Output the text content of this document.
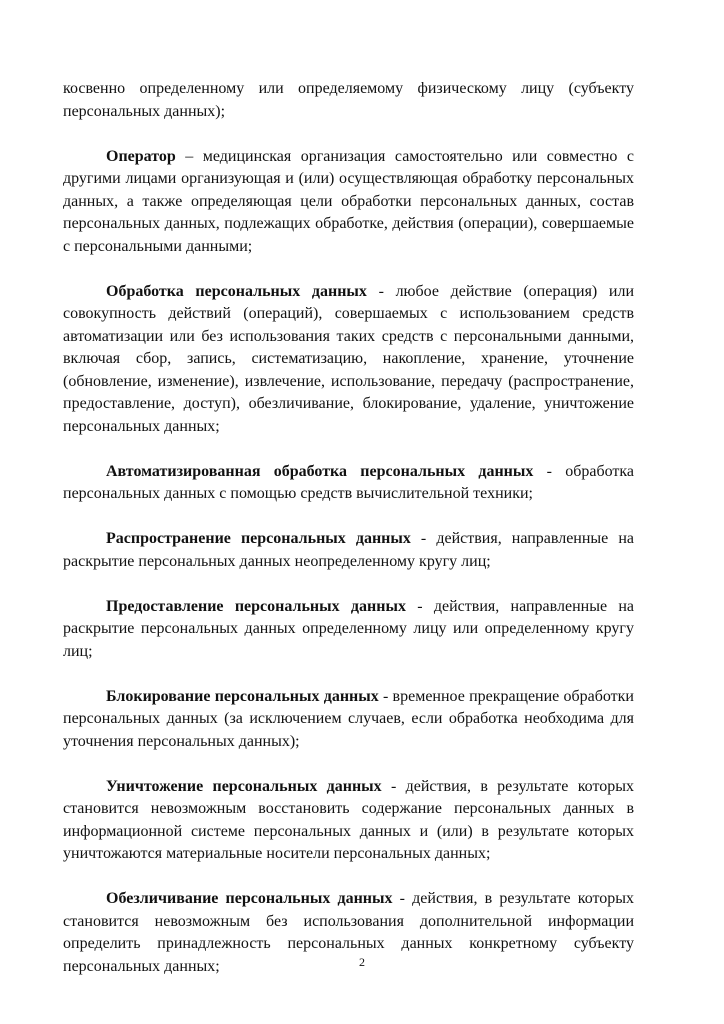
косвенно определенному или определяемому физическому лицу (субъекту персональных данных);

Оператор – медицинская организация самостоятельно или совместно с другими лицами организующая и (или) осуществляющая обработку персональных данных, а также определяющая цели обработки персональных данных, состав персональных данных, подлежащих обработке, действия (операции), совершаемые с персональными данными;

Обработка персональных данных - любое действие (операция) или совокупность действий (операций), совершаемых с использованием средств автоматизации или без использования таких средств с персональными данными, включая сбор, запись, систематизацию, накопление, хранение, уточнение (обновление, изменение), извлечение, использование, передачу (распространение, предоставление, доступ), обезличивание, блокирование, удаление, уничтожение персональных данных;

Автоматизированная обработка персональных данных - обработка персональных данных с помощью средств вычислительной техники;

Распространение персональных данных - действия, направленные на раскрытие персональных данных неопределенному кругу лиц;

Предоставление персональных данных - действия, направленные на раскрытие персональных данных определенному лицу или определенному кругу лиц;

Блокирование персональных данных - временное прекращение обработки персональных данных (за исключением случаев, если обработка необходима для уточнения персональных данных);

Уничтожение персональных данных - действия, в результате которых становится невозможным восстановить содержание персональных данных в информационной системе персональных данных и (или) в результате которых уничтожаются материальные носители персональных данных;

Обезличивание персональных данных - действия, в результате которых становится невозможным без использования дополнительной информации определить принадлежность персональных данных конкретному субъекту персональных данных;	2
